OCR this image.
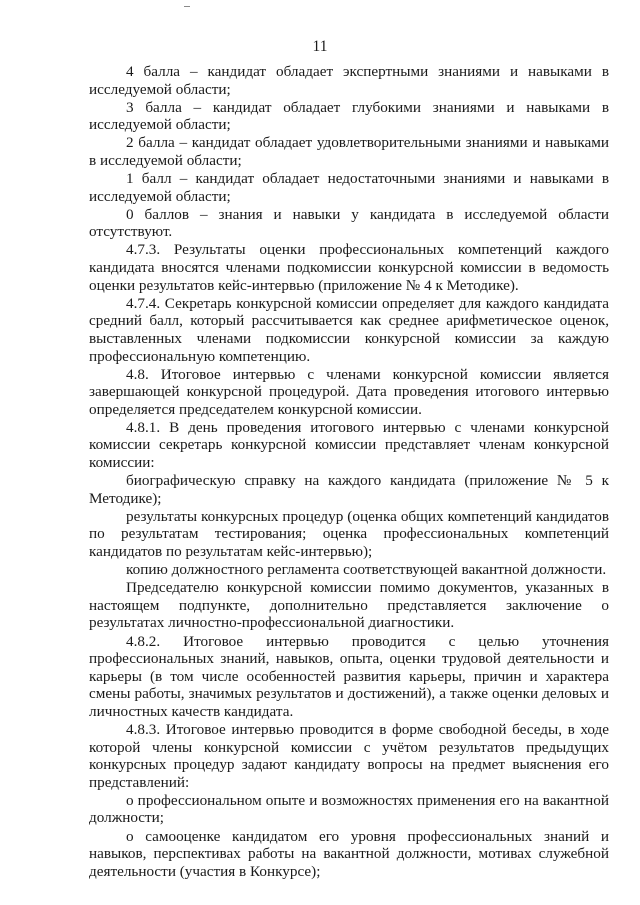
11

4 балла – кандидат обладает экспертными знаниями и навыками в исследуемой области;

3 балла – кандидат обладает глубокими знаниями и навыками в исследуемой области;

2 балла – кандидат обладает удовлетворительными знаниями и навыками в исследуемой области;

1 балл – кандидат обладает недостаточными знаниями и навыками в исследуемой области;

0 баллов – знания и навыки у кандидата в исследуемой области отсутствуют.

4.7.3. Результаты оценки профессиональных компетенций каждого кандидата вносятся членами подкомиссии конкурсной комиссии в ведомость оценки результатов кейс-интервью (приложение № 4 к Методике).

4.7.4. Секретарь конкурсной комиссии определяет для каждого кандидата средний балл, который рассчитывается как среднее арифметическое оценок, выставленных членами подкомиссии конкурсной комиссии за каждую профессиональную компетенцию.

4.8. Итоговое интервью с членами конкурсной комиссии является завершающей конкурсной процедурой. Дата проведения итогового интервью определяется председателем конкурсной комиссии.

4.8.1. В день проведения итогового интервью с членами конкурсной комиссии секретарь конкурсной комиссии представляет членам конкурсной комиссии:

биографическую справку на каждого кандидата (приложение № 5 к Методике);

результаты конкурсных процедур (оценка общих компетенций кандидатов по результатам тестирования; оценка профессиональных компетенций кандидатов по результатам кейс-интервью);

копию должностного регламента соответствующей вакантной должности.

Председателю конкурсной комиссии помимо документов, указанных в настоящем подпункте, дополнительно представляется заключение о результатах личностно-профессиональной диагностики.

4.8.2. Итоговое интервью проводится с целью уточнения профессиональных знаний, навыков, опыта, оценки трудовой деятельности и карьеры (в том числе особенностей развития карьеры, причин и характера смены работы, значимых результатов и достижений), а также оценки деловых и личностных качеств кандидата.

4.8.3. Итоговое интервью проводится в форме свободной беседы, в ходе которой члены конкурсной комиссии с учётом результатов предыдущих конкурсных процедур задают кандидату вопросы на предмет выяснения его представлений:

о профессиональном опыте и возможностях применения его на вакантной должности;

о самооценке кандидатом его уровня профессиональных знаний и навыков, перспективах работы на вакантной должности, мотивах служебной деятельности (участия в Конкурсе);
